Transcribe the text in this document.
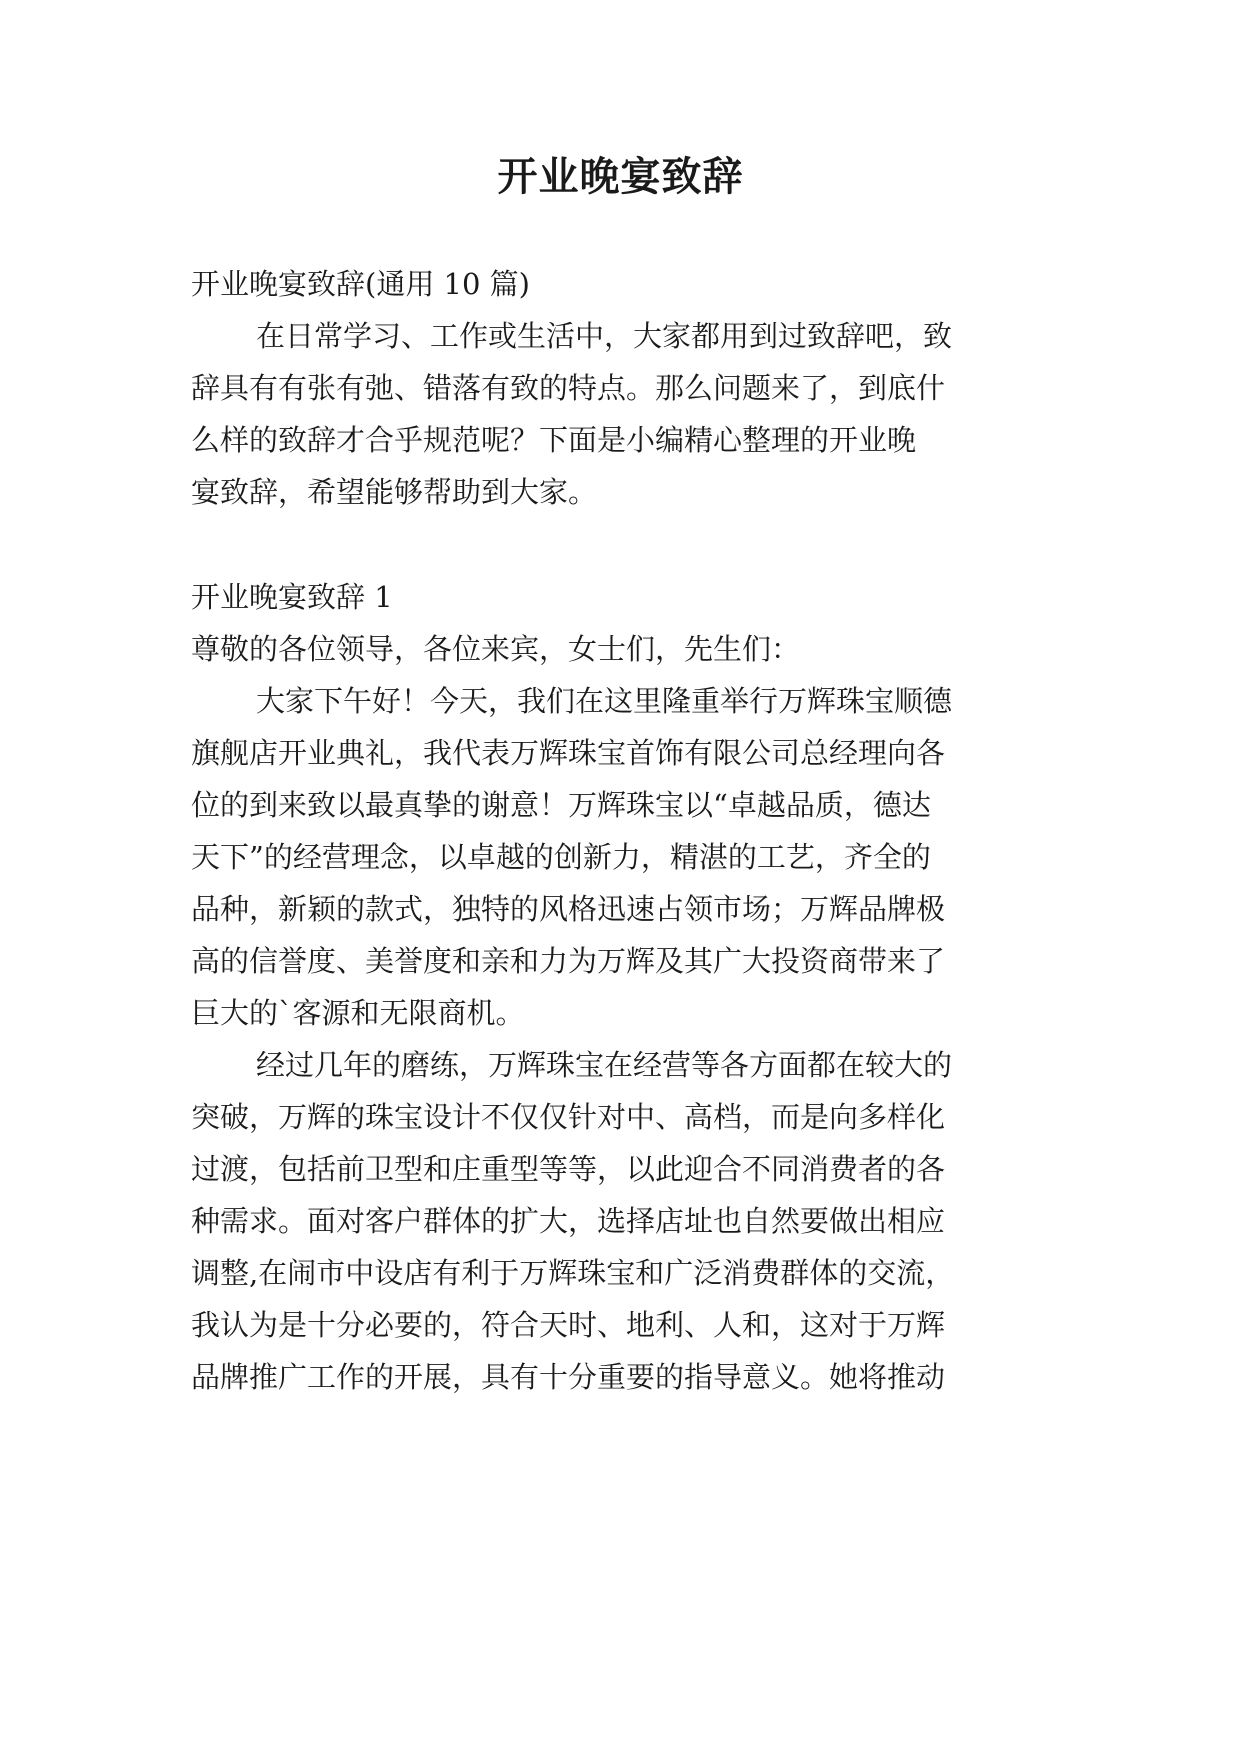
开业晚宴致辞
开业晚宴致辞(通用 10 篇)
在日常学习、工作或生活中，大家都用到过致辞吧，致
辞具有有张有弛、错落有致的特点。那么问题来了，到底什
么样的致辞才合乎规范呢？下面是小编精心整理的开业晚
宴致辞，希望能够帮助到大家。
开业晚宴致辞 1
尊敬的各位领导，各位来宾，女士们，先生们：
大家下午好！今天，我们在这里隆重举行万辉珠宝顺德
旗舰店开业典礼，我代表万辉珠宝首饰有限公司总经理向各
位的到来致以最真挚的谢意！万辉珠宝以“卓越品质，德达
天下”的经营理念，以卓越的创新力，精湛的工艺，齐全的
品种，新颖的款式，独特的风格迅速占领市场；万辉品牌极
高的信誉度、美誉度和亲和力为万辉及其广大投资商带来了
巨大的`客源和无限商机。
经过几年的磨练，万辉珠宝在经营等各方面都在较大的
突破，万辉的珠宝设计不仅仅针对中、高档，而是向多样化
过渡，包括前卫型和庄重型等等，以此迎合不同消费者的各
种需求。面对客户群体的扩大，选择店址也自然要做出相应
调整,在闹市中设店有利于万辉珠宝和广泛消费群体的交流，
我认为是十分必要的，符合天时、地利、人和，这对于万辉
品牌推广工作的开展，具有十分重要的指导意义。她将推动
